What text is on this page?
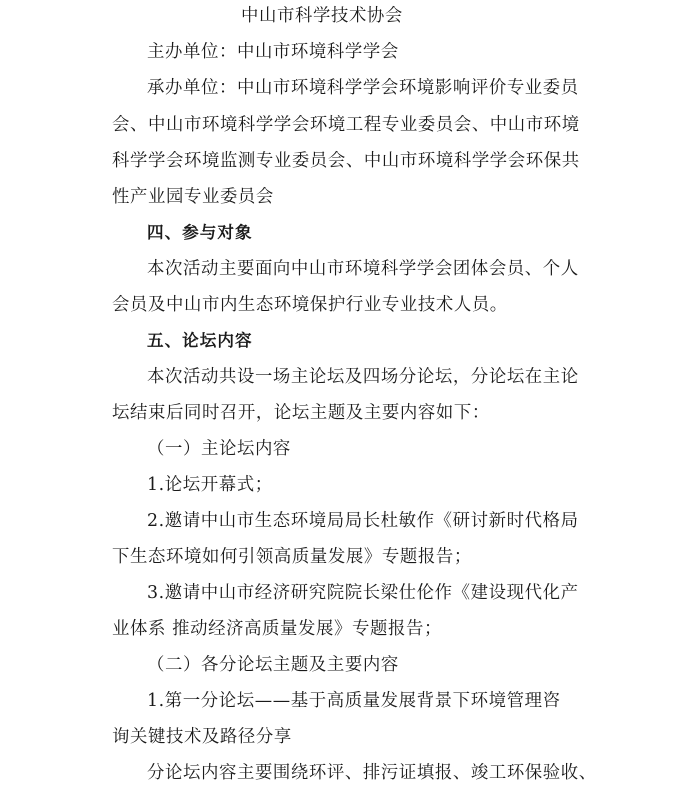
中山市科学技术协会
主办单位：中山市环境科学学会
承办单位：中山市环境科学学会环境影响评价专业委员
会、中山市环境科学学会环境工程专业委员会、中山市环境
科学学会环境监测专业委员会、中山市环境科学学会环保共
性产业园专业委员会
四、参与对象
本次活动主要面向中山市环境科学学会团体会员、个人
会员及中山市内生态环境保护行业专业技术人员。
五、论坛内容
本次活动共设一场主论坛及四场分论坛，分论坛在主论
坛结束后同时召开，论坛主题及主要内容如下：
（一）主论坛内容
1.论坛开幕式；
2.邀请中山市生态环境局局长杜敏作《研讨新时代格局
下生态环境如何引领高质量发展》专题报告；
3.邀请中山市经济研究院院长梁仕伦作《建设现代化产
业体系 推动经济高质量发展》专题报告；
（二）各分论坛主题及主要内容
1.第一分论坛——基于高质量发展背景下环境管理咨
询关键技术及路径分享
分论坛内容主要围绕环评、排污证填报、竣工环保验收、
